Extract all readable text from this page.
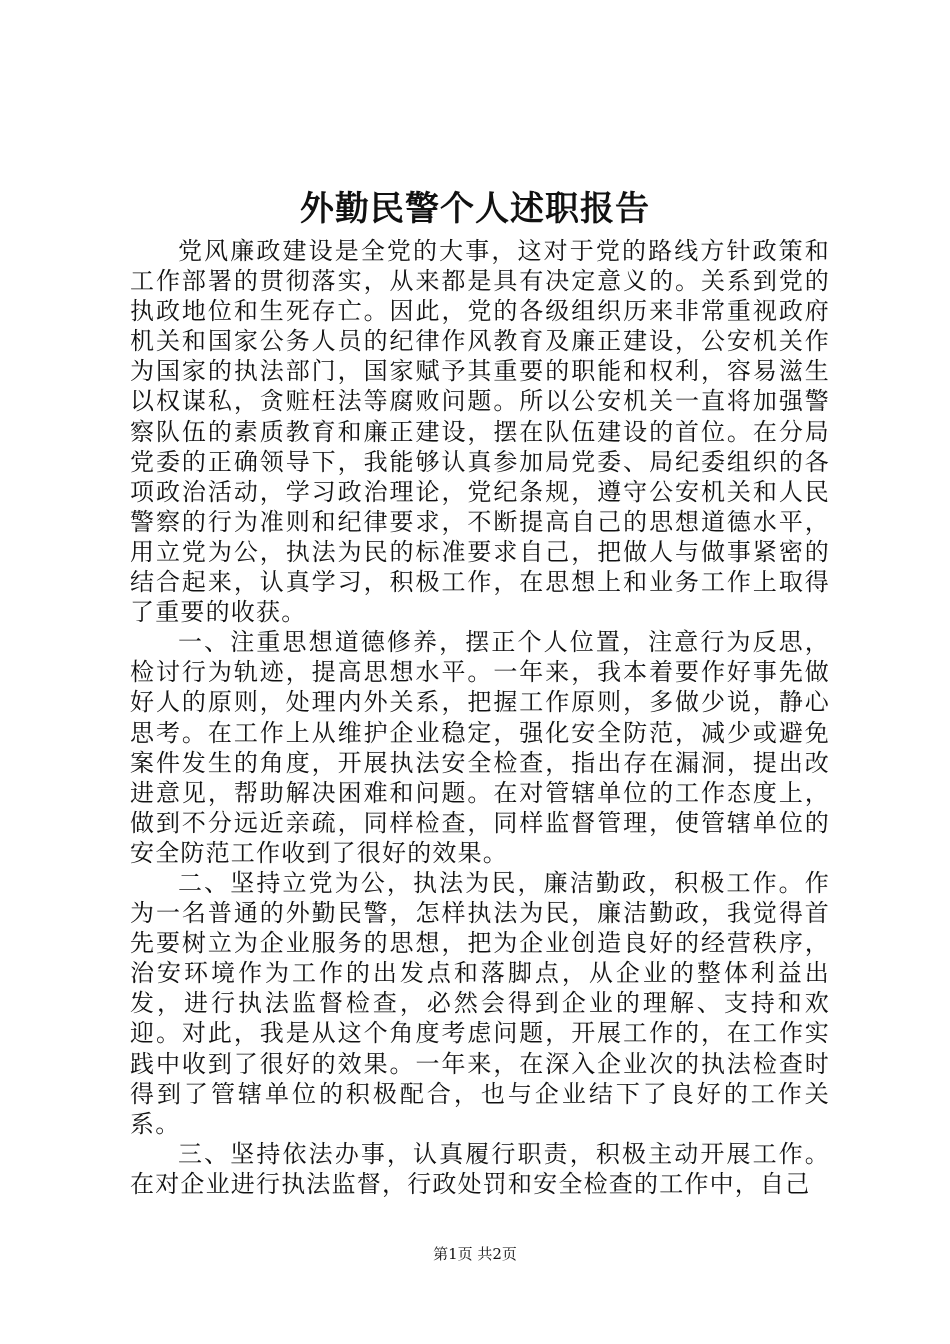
外勤民警个人述职报告

党风廉政建设是全党的大事，这对于党的路线方针政策和工作部署的贯彻落实，从来都是具有决定意义的。关系到党的执政地位和生死存亡。因此，党的各级组织历来非常重视政府机关和国家公务人员的纪律作风教育及廉正建设，公安机关作为国家的执法部门，国家赋予其重要的职能和权利，容易滋生以权谋私，贪赃枉法等腐败问题。所以公安机关一直将加强警察队伍的素质教育和廉正建设，摆在队伍建设的首位。在分局党委的正确领导下，我能够认真参加局党委、局纪委组织的各项政治活动，学习政治理论，党纪条规，遵守公安机关和人民警察的行为准则和纪律要求，不断提高自己的思想道德水平，用立党为公，执法为民的标准要求自己，把做人与做事紧密的结合起来，认真学习，积极工作，在思想上和业务工作上取得了重要的收获。

一、注重思想道德修养，摆正个人位置，注意行为反思，检讨行为轨迹，提高思想水平。一年来，我本着要作好事先做好人的原则，处理内外关系，把握工作原则，多做少说，静心思考。在工作上从维护企业稳定，强化安全防范，减少或避免案件发生的角度，开展执法安全检查，指出存在漏洞，提出改进意见，帮助解决困难和问题。在对管辖单位的工作态度上，做到不分远近亲疏，同样检查，同样监督管理，使管辖单位的安全防范工作收到了很好的效果。

二、坚持立党为公，执法为民，廉洁勤政，积极工作。作为一名普通的外勤民警，怎样执法为民，廉洁勤政，我觉得首先要树立为企业服务的思想，把为企业创造良好的经营秩序，治安环境作为工作的出发点和落脚点，从企业的整体利益出发，进行执法监督检查，必然会得到企业的理解、支持和欢迎。对此，我是从这个角度考虑问题，开展工作的，在工作实践中收到了很好的效果。一年来，在深入企业次的执法检查时得到了管辖单位的积极配合，也与企业结下了良好的工作关系。

三、坚持依法办事，认真履行职责，积极主动开展工作。在对企业进行执法监督，行政处罚和安全检查的工作中，自己

第1页 共2页
